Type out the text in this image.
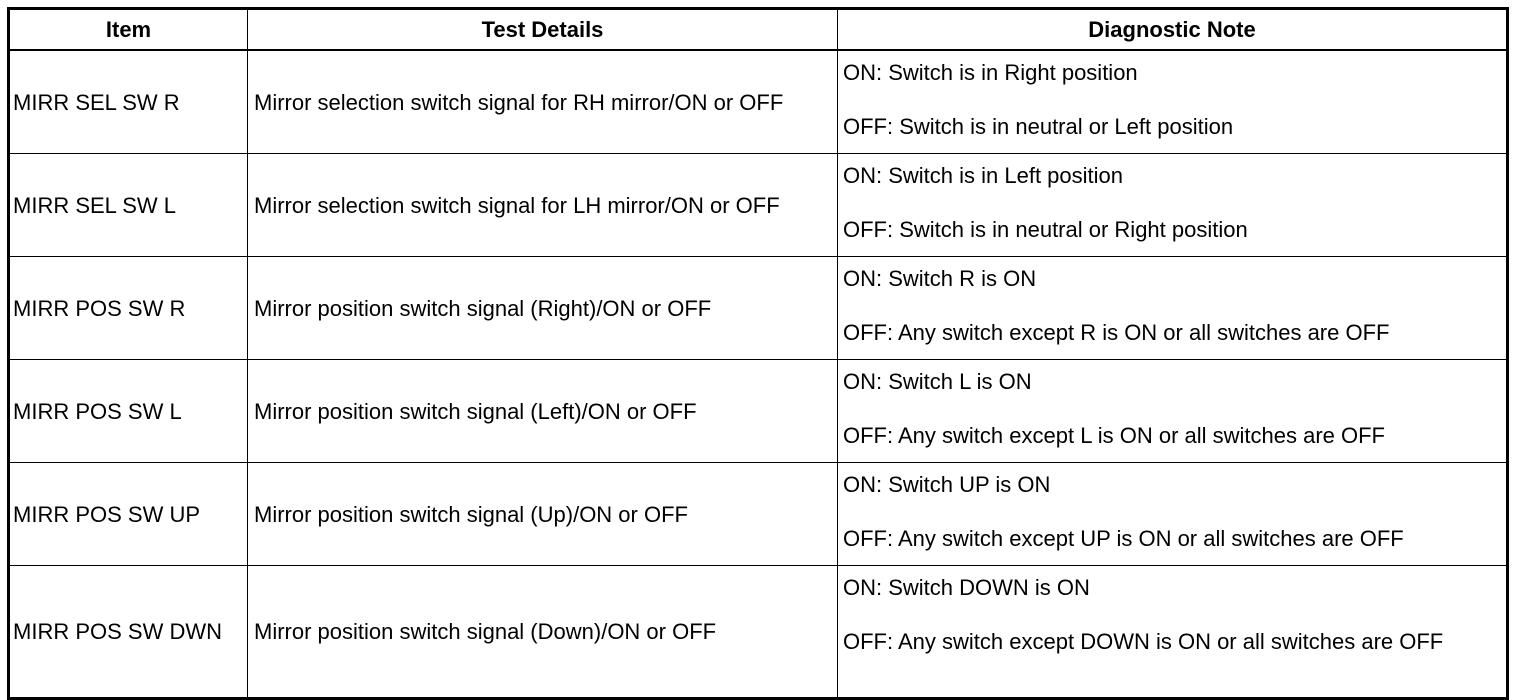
Item	Test Details	Diagnostic Note
MIRR SEL SW R	Mirror selection switch signal for RH mirror/ON or OFF	ON: Switch is in Right position

OFF: Switch is in neutral or Left position

MIRR SEL SW L	Mirror selection switch signal for LH mirror/ON or OFF	ON: Switch is in Left position

OFF: Switch is in neutral or Right position

MIRR POS SW R	Mirror position switch signal (Right)/ON or OFF	ON: Switch R is ON

OFF: Any switch except R is ON or all switches are OFF

MIRR POS SW L	Mirror position switch signal (Left)/ON or OFF	ON: Switch L is ON

OFF: Any switch except L is ON or all switches are OFF

MIRR POS SW UP	Mirror position switch signal (Up)/ON or OFF	ON: Switch UP is ON

OFF: Any switch except UP is ON or all switches are OFF

MIRR POS SW DWN	Mirror position switch signal (Down)/ON or OFF	ON: Switch DOWN is ON

OFF: Any switch except DOWN is ON or all switches are OFF
